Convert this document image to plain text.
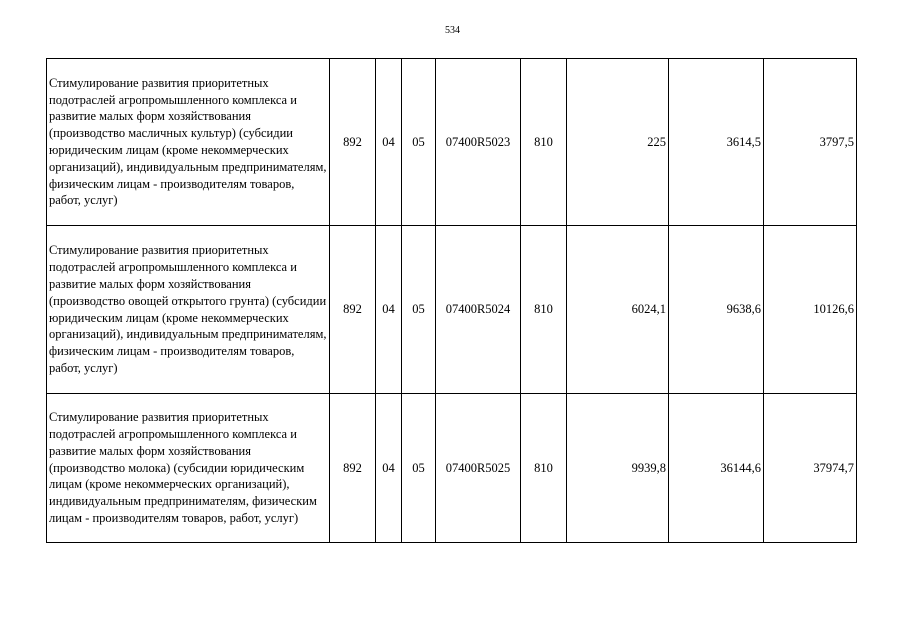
534
Стимулирование развития приоритетных подотраслей агропромышленного комплекса и развитие малых форм хозяйствования (производство масличных культур) (субсидии юридическим лицам (кроме некоммерческих организаций), индивидуальным предпринимателям, физическим лицам - производителям товаров, работ, услуг)	892	04	05	07400R5023	810	225	3614,5	3797,5
Стимулирование развития приоритетных подотраслей агропромышленного комплекса и развитие малых форм хозяйствования (производство овощей открытого грунта) (субсидии юридическим лицам (кроме некоммерческих организаций), индивидуальным предпринимателям, физическим лицам - производителям товаров, работ, услуг)	892	04	05	07400R5024	810	6024,1	9638,6	10126,6
Стимулирование развития приоритетных подотраслей агропромышленного комплекса и развитие малых форм хозяйствования (производство молока) (субсидии юридическим лицам (кроме некоммерческих организаций), индивидуальным предпринимателям, физическим лицам - производителям товаров, работ, услуг)	892	04	05	07400R5025	810	9939,8	36144,6	37974,7
